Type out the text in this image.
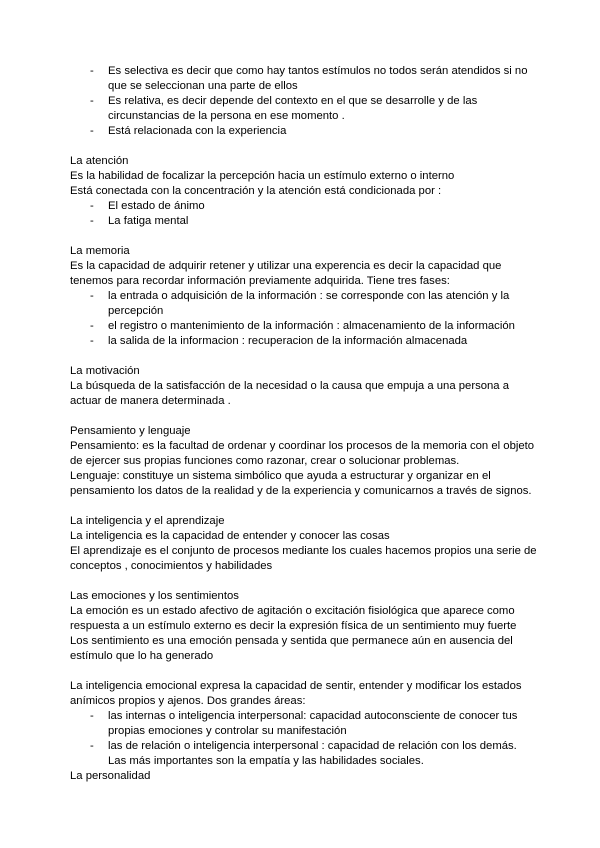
- Es selectiva es decir que como hay tantos estímulos no todos serán atendidos si no que se seleccionan una parte de ellos
- Es relativa, es decir depende del contexto en el que se desarrolle y de las circunstancias de la persona en ese momento .
- Está relacionada con la experiencia

La atención

Es la habilidad de focalizar la percepción hacia un estímulo externo o interno

Está conectada con la concentración y la atención está condicionada por :

- El estado de ánimo
- La fatiga mental

La memoria

Es la capacidad de adquirir retener y utilizar una experencia es decir la capacidad que tenemos para recordar información previamente adquirida. Tiene tres fases:

- la entrada o adquisición de la información : se corresponde con las atención y la percepción
- el registro o mantenimiento de la información : almacenamiento de la información
- la salida de la informacion : recuperacion de la información almacenada

La motivación

La búsqueda de la satisfacción de la necesidad o la causa que empuja a una persona a actuar de manera determinada .

Pensamiento y lenguaje

Pensamiento: es la facultad de ordenar y coordinar los procesos de la memoria con el objeto de ejercer sus propias funciones como razonar, crear o solucionar problemas.

Lenguaje: constituye un sistema simbólico que ayuda a estructurar y organizar en el pensamiento los datos de la realidad y de la experiencia y comunicarnos a través de signos.

La inteligencia y el aprendizaje

La inteligencia es la capacidad de entender y conocer las cosas

El aprendizaje es el conjunto de procesos mediante los cuales hacemos propios una serie de conceptos , conocimientos y habilidades

Las emociones y los sentimientos

La emoción es un estado afectivo de agitación o excitación fisiológica que aparece como respuesta a un estímulo externo es decir la expresión física de un sentimiento muy fuerte

Los sentimiento es una emoción pensada y sentida que permanece aún en ausencia del estímulo que lo ha generado

La inteligencia emocional expresa la capacidad de sentir, entender y modificar los estados anímicos propios y ajenos. Dos grandes áreas:

- las internas o inteligencia interpersonal: capacidad autoconsciente de conocer tus propias emociones y controlar su manifestación
- las de relación o inteligencia interpersonal : capacidad de relación con los demás. Las más importantes son la empatía y las habilidades sociales.

La personalidad
